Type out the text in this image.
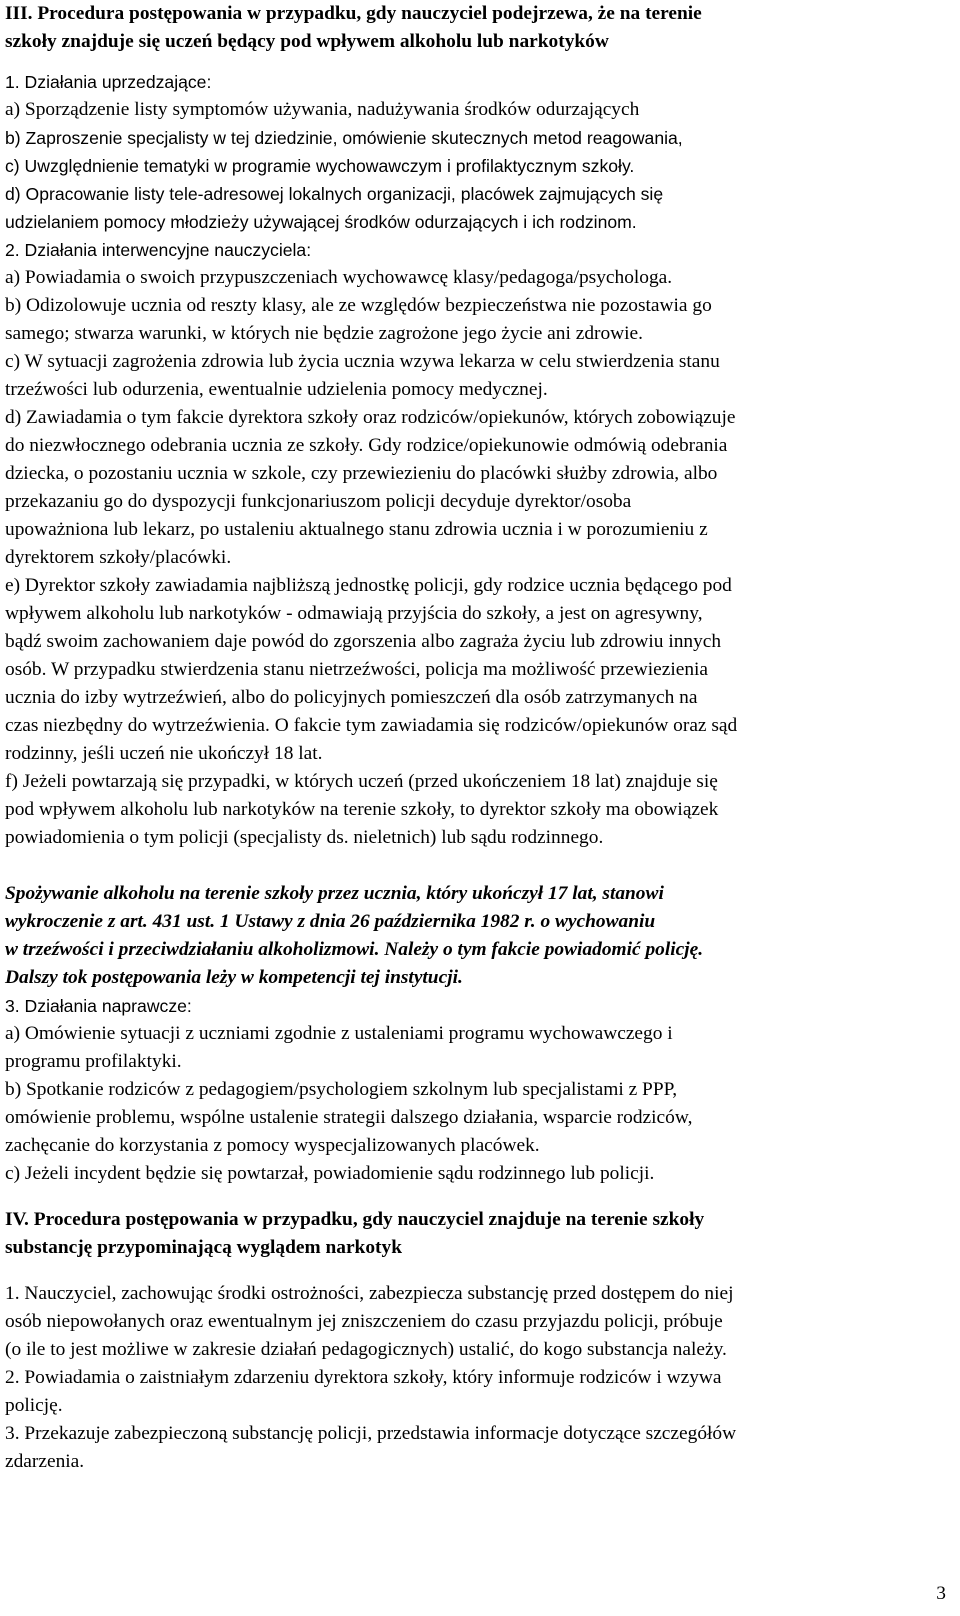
III. Procedura postępowania w przypadku, gdy nauczyciel podejrzewa, że na terenie
szkoły znajduje się uczeń będący pod wpływem alkoholu lub narkotyków
1. Działania uprzedzające:
a) Sporządzenie listy symptomów używania, nadużywania środków odurzających
b) Zaproszenie specjalisty w tej dziedzinie, omówienie skutecznych metod reagowania,
c) Uwzględnienie tematyki w programie wychowawczym i profilaktycznym szkoły.
d) Opracowanie listy tele-adresowej lokalnych organizacji, placówek zajmujących się
udzielaniem pomocy młodzieży używającej środków odurzających i ich rodzinom.
2. Działania interwencyjne nauczyciela:
a) Powiadamia o swoich przypuszczeniach wychowawcę klasy/pedagoga/psychologa.
b) Odizolowuje ucznia od reszty klasy, ale ze względów bezpieczeństwa nie pozostawia go
samego; stwarza warunki, w których nie będzie zagrożone jego życie ani zdrowie.
c) W sytuacji zagrożenia zdrowia lub życia ucznia wzywa lekarza w celu stwierdzenia stanu
trzeźwości lub odurzenia, ewentualnie udzielenia pomocy medycznej.
d) Zawiadamia o tym fakcie dyrektora szkoły oraz rodziców/opiekunów, których zobowiązuje
do niezwłocznego odebrania ucznia ze szkoły. Gdy rodzice/opiekunowie odmówią odebrania
dziecka, o pozostaniu ucznia w szkole, czy przewiezieniu do placówki służby zdrowia, albo
przekazaniu go do dyspozycji funkcjonariuszom policji decyduje dyrektor/osoba
upoważniona lub lekarz, po ustaleniu aktualnego stanu zdrowia ucznia i w porozumieniu z
dyrektorem szkoły/placówki.
e) Dyrektor szkoły zawiadamia najbliższą jednostkę policji, gdy rodzice ucznia będącego pod
wpływem alkoholu lub narkotyków - odmawiają przyjścia do szkoły, a jest on agresywny,
bądź swoim zachowaniem daje powód do zgorszenia albo zagraża życiu lub zdrowiu innych
osób. W przypadku stwierdzenia stanu nietrzeźwości, policja ma możliwość przewiezienia
ucznia do izby wytrzeźwień, albo do policyjnych pomieszczeń dla osób zatrzymanych na
czas niezbędny do wytrzeźwienia. O fakcie tym zawiadamia się rodziców/opiekunów oraz sąd
rodzinny, jeśli uczeń nie ukończył 18 lat.
f) Jeżeli powtarzają się przypadki, w których uczeń (przed ukończeniem 18 lat) znajduje się
pod wpływem alkoholu lub narkotyków na terenie szkoły, to dyrektor szkoły ma obowiązek
powiadomienia o tym policji (specjalisty ds. nieletnich) lub sądu rodzinnego.
Spożywanie alkoholu na terenie szkoły przez ucznia, który ukończył 17 lat, stanowi
wykroczenie z art. 431 ust. 1 Ustawy z dnia 26 października 1982 r. o wychowaniu
w trzeźwości i przeciwdziałaniu alkoholizmowi. Należy o tym fakcie powiadomić policję.
Dalszy tok postępowania leży w kompetencji tej instytucji.
3. Działania naprawcze:
a) Omówienie sytuacji z uczniami zgodnie z ustaleniami programu wychowawczego i
programu profilaktyki.
b) Spotkanie rodziców z pedagogiem/psychologiem szkolnym lub specjalistami z PPP,
omówienie problemu, wspólne ustalenie strategii dalszego działania, wsparcie rodziców,
zachęcanie do korzystania z pomocy wyspecjalizowanych placówek.
c) Jeżeli incydent będzie się powtarzał, powiadomienie sądu rodzinnego lub policji.
IV. Procedura postępowania w przypadku, gdy nauczyciel znajduje na terenie szkoły
substancję przypominającą wyglądem narkotyk
1. Nauczyciel, zachowując środki ostrożności, zabezpiecza substancję przed dostępem do niej
osób niepowołanych oraz ewentualnym jej zniszczeniem do czasu przyjazdu policji, próbuje
(o ile to jest możliwe w zakresie działań pedagogicznych) ustalić, do kogo substancja należy.
2. Powiadamia o zaistniałym zdarzeniu dyrektora szkoły, który informuje rodziców i wzywa
policję.
3. Przekazuje zabezpieczoną substancję policji, przedstawia informacje dotyczące szczegółów
zdarzenia.
3
